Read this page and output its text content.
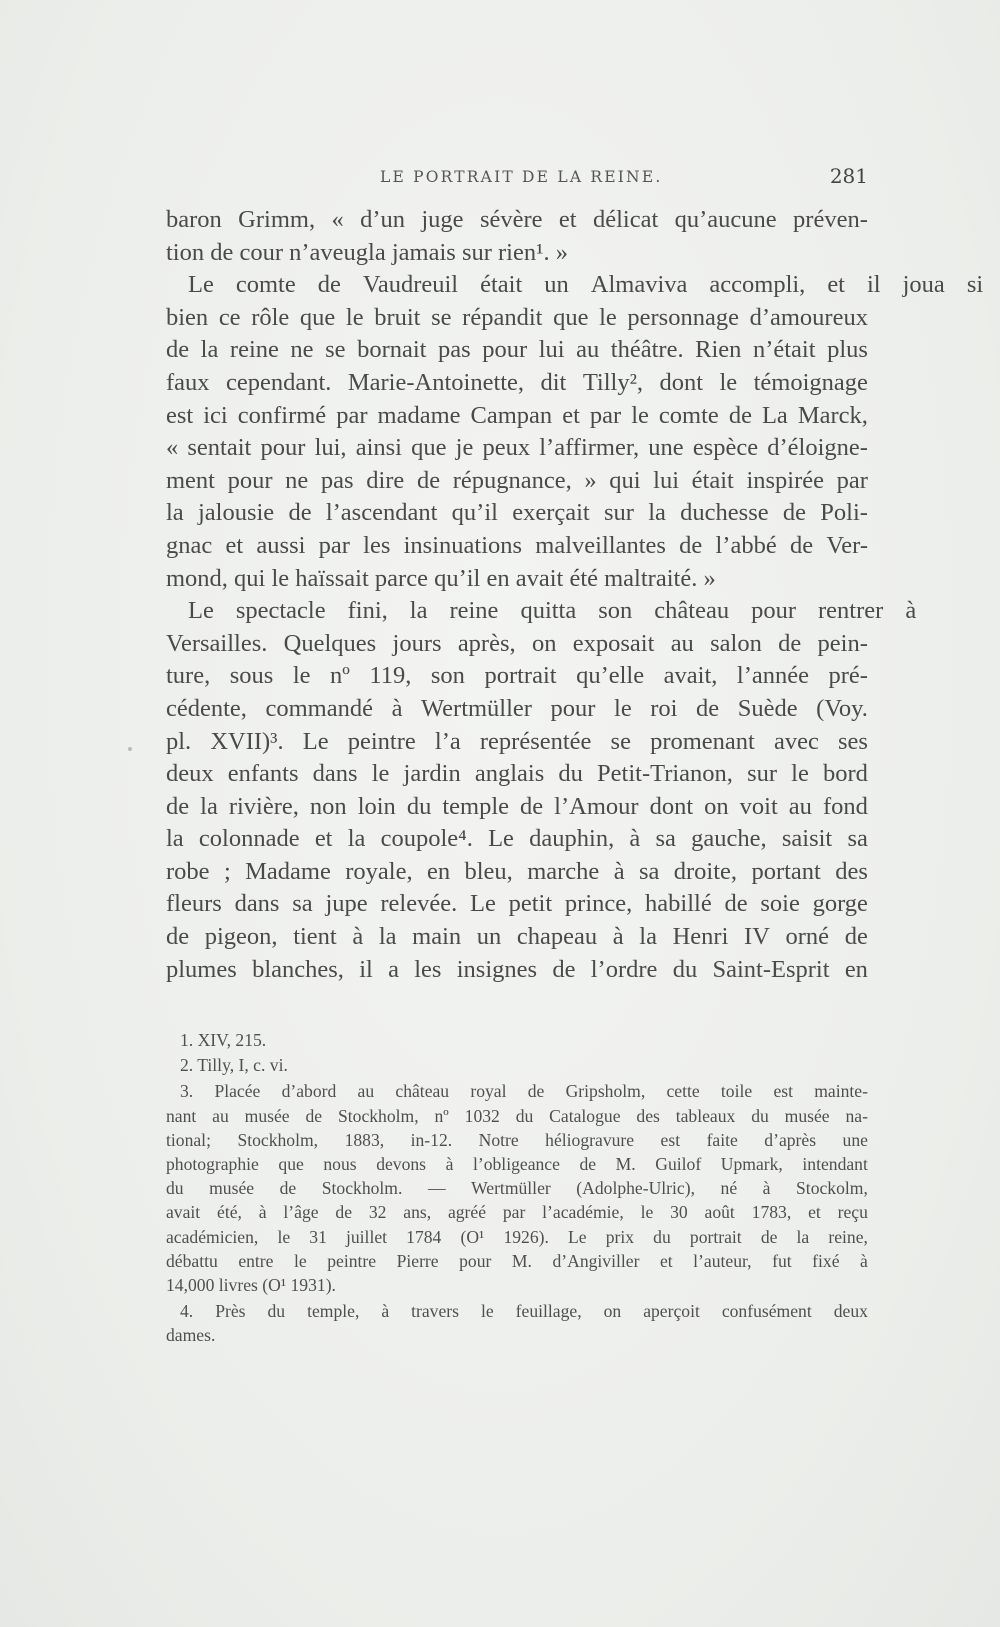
LE PORTRAIT DE LA REINE.	281

baron Grimm, « d’un juge sévère et délicat qu’aucune préven-

tion de cour n’aveugla jamais sur rien¹. »

Le comte de Vaudreuil était un Almaviva accompli, et il joua si

bien ce rôle que le bruit se répandit que le personnage d’amoureux

de la reine ne se bornait pas pour lui au théâtre. Rien n’était plus

faux cependant. Marie-Antoinette, dit Tilly², dont le témoignage

est ici confirmé par madame Campan et par le comte de La Marck,

« sentait pour lui, ainsi que je peux l’affirmer, une espèce d’éloigne-

ment pour ne pas dire de répugnance, » qui lui était inspirée par

la jalousie de l’ascendant qu’il exerçait sur la duchesse de Poli-

gnac et aussi par les insinuations malveillantes de l’abbé de Ver-

mond, qui le haïssait parce qu’il en avait été maltraité. »

Le spectacle fini, la reine quitta son château pour rentrer à

Versailles. Quelques jours après, on exposait au salon de pein-

ture, sous le nº 119, son portrait qu’elle avait, l’année pré-

cédente, commandé à Wertmüller pour le roi de Suède (Voy.

pl. XVII)³. Le peintre l’a représentée se promenant avec ses

deux enfants dans le jardin anglais du Petit-Trianon, sur le bord

de la rivière, non loin du temple de l’Amour dont on voit au fond

la colonnade et la coupole⁴. Le dauphin, à sa gauche, saisit sa

robe ; Madame royale, en bleu, marche à sa droite, portant des

fleurs dans sa jupe relevée. Le petit prince, habillé de soie gorge

de pigeon, tient à la main un chapeau à la Henri IV orné de

plumes blanches, il a les insignes de l’ordre du Saint-Esprit en

1. XIV, 215.

2. Tilly, I, c. vi.

3. Placée d’abord au château royal de Gripsholm, cette toile est mainte-
nant au musée de Stockholm, nº 1032 du Catalogue des tableaux du musée na-
tional; Stockholm, 1883, in-12. Notre héliogravure est faite d’après une
photographie que nous devons à l’obligeance de M. Guilof Upmark, intendant
du musée de Stockholm. — Wertmüller (Adolphe-Ulric), né à Stockolm,
avait été, à l’âge de 32 ans, agréé par l’académie, le 30 août 1783, et reçu
académicien, le 31 juillet 1784 (O¹ 1926). Le prix du portrait de la reine,
débattu entre le peintre Pierre pour M. d’Angiviller et l’auteur, fut fixé à
14,000 livres (O¹ 1931).
4. Près du temple, à travers le feuillage, on aperçoit confusément deux
dames.
